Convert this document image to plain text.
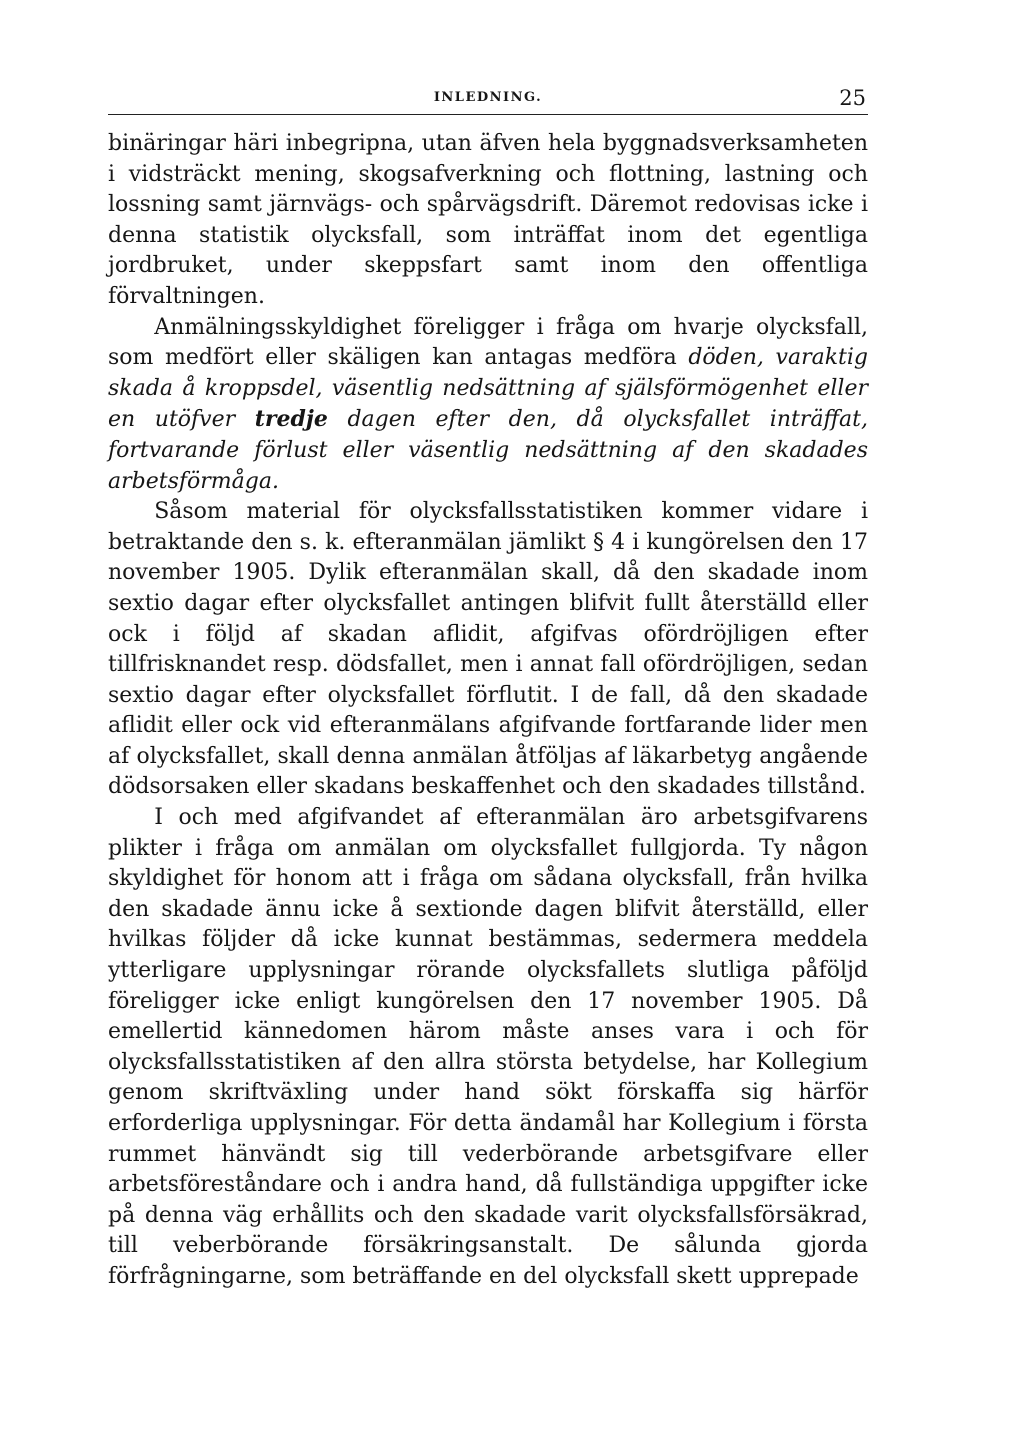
INLEDNING.	25

binäringar häri inbegripna, utan äfven hela byggnadsverksamheten i vidsträckt mening, skogsafverkning och flottning, lastning och lossning samt järnvägs- och spårvägsdrift. Däremot redovisas icke i denna statistik olycksfall, som inträffat inom det egentliga jordbruket, under skeppsfart samt inom den offentliga förvaltningen.

Anmälningsskyldighet föreligger i fråga om hvarje olycksfall, som medfört eller skäligen kan antagas medföra döden, varaktig skada å kroppsdel, väsentlig nedsättning af själsförmögenhet eller en utöfver tredje dagen efter den, då olycksfallet inträffat, fortvarande förlust eller väsentlig nedsättning af den skadades arbetsförmåga.

Såsom material för olycksfallsstatistiken kommer vidare i betraktande den s. k. efteranmälan jämlikt § 4 i kungörelsen den 17 november 1905. Dylik efteranmälan skall, då den skadade inom sextio dagar efter olycksfallet antingen blifvit fullt återställd eller ock i följd af skadan aflidit, afgifvas ofördröjligen efter tillfrisknandet resp. dödsfallet, men i annat fall ofördröjligen, sedan sextio dagar efter olycksfallet förflutit. I de fall, då den skadade aflidit eller ock vid efteranmälans afgifvande fortfarande lider men af olycksfallet, skall denna anmälan åtföljas af läkarbetyg angående dödsorsaken eller skadans beskaffenhet och den skadades tillstånd.

I och med afgifvandet af efteranmälan äro arbetsgifvarens plikter i fråga om anmälan om olycksfallet fullgjorda. Ty någon skyldighet för honom att i fråga om sådana olycksfall, från hvilka den skadade ännu icke å sextionde dagen blifvit återställd, eller hvilkas följder då icke kunnat bestämmas, sedermera meddela ytterligare upplysningar rörande olycksfallets slutliga påföljd föreligger icke enligt kungörelsen den 17 november 1905. Då emellertid kännedomen härom måste anses vara i och för olycksfallsstatistiken af den allra största betydelse, har Kollegium genom skriftväxling under hand sökt förskaffa sig härför erforderliga upplysningar. För detta ändamål har Kollegium i första rummet hänvändt sig till vederbörande arbetsgifvare eller arbetsföreståndare och i andra hand, då fullständiga uppgifter icke på denna väg erhållits och den skadade varit olycksfallsförsäkrad, till veberbörande försäkringsanstalt. De sålunda gjorda förfrågningarne, som beträffande en del olycksfall skett upprepade
